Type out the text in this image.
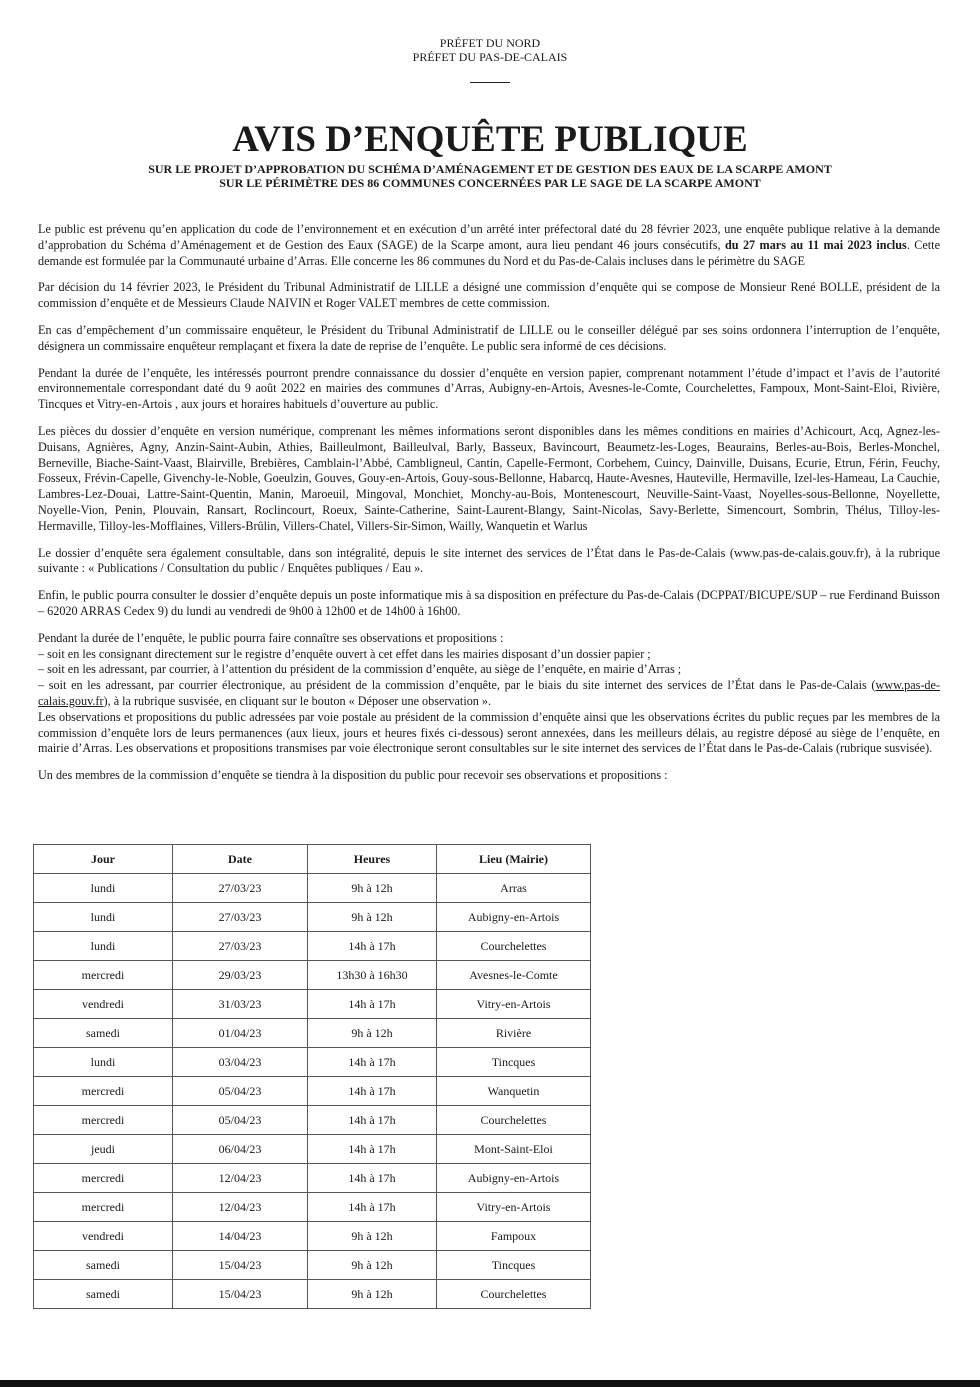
PRÉFET DU NORD
PRÉFET DU PAS-DE-CALAIS
AVIS D’ENQUÊTE PUBLIQUE
SUR LE PROJET D’APPROBATION DU SCHÉMA D’AMÉNAGEMENT ET DE GESTION DES EAUX DE LA SCARPE AMONT
SUR LE PÉRIMÈTRE DES 86 COMMUNES CONCERNÉES PAR LE SAGE DE LA SCARPE AMONT

Le public est prévenu qu’en application du code de l’environnement et en exécution d’un arrêté inter préfectoral daté du 28 février 2023, une enquête publique relative à la demande d’approbation du Schéma d’Aménagement et de Gestion des Eaux (SAGE) de la Scarpe amont, aura lieu pendant 46 jours consécutifs, du 27 mars au 11 mai 2023 inclus. Cette demande est formulée par la Communauté urbaine d’Arras. Elle concerne les 86 communes du Nord et du Pas-de-Calais incluses dans le périmètre du SAGE

Par décision du 14 février 2023, le Président du Tribunal Administratif de LILLE a désigné une commission d’enquête qui se compose de Monsieur René BOLLE, président de la commission d’enquête et de Messieurs Claude NAIVIN et Roger VALET membres de cette commission.

En cas d’empêchement d’un commissaire enquêteur, le Président du Tribunal Administratif de LILLE ou le conseiller délégué par ses soins ordonnera l’interruption de l’enquête, désignera un commissaire enquêteur remplaçant et fixera la date de reprise de l’enquête. Le public sera informé de ces décisions.

Pendant la durée de l’enquête, les intéressés pourront prendre connaissance du dossier d’enquête en version papier, comprenant notamment l’étude d’impact et l’avis de l’autorité environnementale correspondant daté du 9 août 2022 en mairies des communes d’Arras, Aubigny-en-Artois, Avesnes-le-Comte, Courchelettes, Fampoux, Mont-Saint-Eloi, Rivière, Tincques et Vitry-en-Artois , aux jours et horaires habituels d’ouverture au public.

Les pièces du dossier d’enquête en version numérique, comprenant les mêmes informations seront disponibles dans les mêmes conditions en mairies d’Achicourt, Acq, Agnez-les-Duisans, Agnières, Agny, Anzin-Saint-Aubin, Athies, Bailleulmont, Bailleulval, Barly, Basseux, Bavincourt, Beaumetz-les-Loges, Beaurains, Berles-au-Bois, Berles-Monchel, Berneville, Biache-Saint-Vaast, Blairville, Brebières, Camblain-l’Abbé, Cambligneul, Cantin, Capelle-Fermont, Corbehem, Cuincy, Dainville, Duisans, Ecurie, Etrun, Férin, Feuchy, Fosseux, Frévin-Capelle, Givenchy-le-Noble, Goeulzin, Gouves, Gouy-en-Artois, Gouy-sous-Bellonne, Habarcq, Haute-Avesnes, Hauteville, Hermaville, Izel-les-Hameau, La Cauchie, Lambres-Lez-Douai, Lattre-Saint-Quentin, Manin, Maroeuil, Mingoval, Monchiet, Monchy-au-Bois, Montenescourt, Neuville-Saint-Vaast, Noyelles-sous-Bellonne, Noyellette, Noyelle-Vion, Penin, Plouvain, Ransart, Roclincourt, Roeux, Sainte-Catherine, Saint-Laurent-Blangy, Saint-Nicolas, Savy-Berlette, Simencourt, Sombrin, Thélus, Tilloy-les-Hermaville, Tilloy-les-Mofflaines, Villers-Brûlin, Villers-Chatel, Villers-Sir-Simon, Wailly, Wanquetin et Warlus

Le dossier d’enquête sera également consultable, dans son intégralité, depuis le site internet des services de l’État dans le Pas-de-Calais (www.pas-de-calais.gouv.fr), à la rubrique suivante : « Publications / Consultation du public / Enquêtes publiques / Eau ».

Enfin, le public pourra consulter le dossier d’enquête depuis un poste informatique mis à sa disposition en préfecture du Pas-de-Calais (DCPPAT/BICUPE/SUP – rue Ferdinand Buisson – 62020 ARRAS Cedex 9) du lundi au vendredi de 9h00 à 12h00 et de 14h00 à 16h00.

Pendant la durée de l’enquête, le public pourra faire connaître ses observations et propositions :

– soit en les consignant directement sur le registre d’enquête ouvert à cet effet dans les mairies disposant d’un dossier papier ;

– soit en les adressant, par courrier, à l’attention du président de la commission d’enquête, au siège de l’enquête, en mairie d’Arras ;

– soit en les adressant, par courrier électronique, au président de la commission d’enquête, par le biais du site internet des services de l’État dans le Pas-de-Calais (www.pas-de-calais.gouv.fr), à la rubrique susvisée, en cliquant sur le bouton « Déposer une observation ».

Les observations et propositions du public adressées par voie postale au président de la commission d’enquête ainsi que les observations écrites du public reçues par les membres de la commission d’enquête lors de leurs permanences (aux lieux, jours et heures fixés ci-dessous) seront annexées, dans les meilleurs délais, au registre déposé au siège de l’enquête, en mairie d’Arras. Les observations et propositions transmises par voie électronique seront consultables sur le site internet des services de l’État dans le Pas-de-Calais (rubrique susvisée).

Un des membres de la commission d’enquête se tiendra à la disposition du public pour recevoir ses observations et propositions :

Jour	Date	Heures	Lieu (Mairie)
lundi	27/03/23	9h à 12h	Arras
lundi	27/03/23	9h à 12h	Aubigny-en-Artois
lundi	27/03/23	14h à 17h	Courchelettes
mercredi	29/03/23	13h30 à 16h30	Avesnes-le-Comte
vendredi	31/03/23	14h à 17h	Vitry-en-Artois
samedi	01/04/23	9h à 12h	Rivière
lundi	03/04/23	14h à 17h	Tincques
mercredi	05/04/23	14h à 17h	Wanquetin
mercredi	05/04/23	14h à 17h	Courchelettes
jeudi	06/04/23	14h à 17h	Mont-Saint-Eloi
mercredi	12/04/23	14h à 17h	Aubigny-en-Artois
mercredi	12/04/23	14h à 17h	Vitry-en-Artois
vendredi	14/04/23	9h à 12h	Fampoux
samedi	15/04/23	9h à 12h	Tincques
samedi	15/04/23	9h à 12h	Courchelettes
